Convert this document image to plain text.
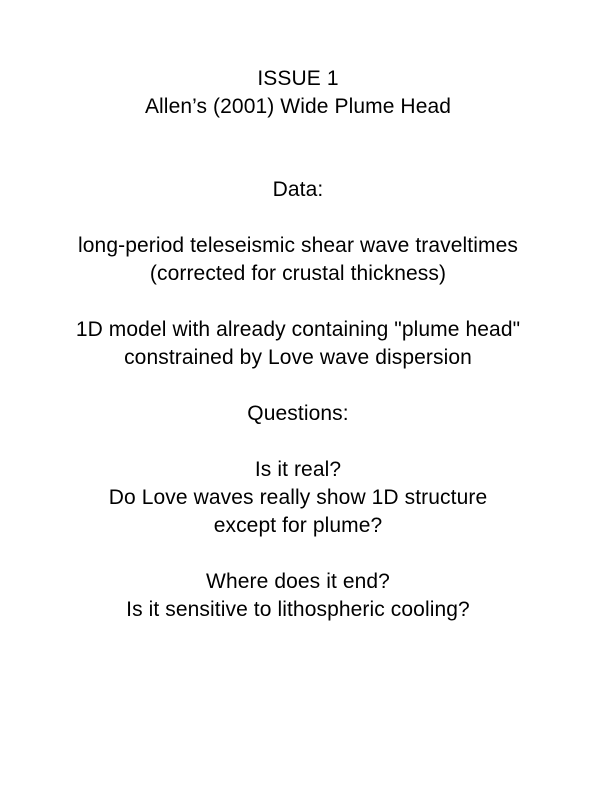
ISSUE 1
Allen’s (2001) Wide Plume Head
Data:
long-period teleseismic shear wave traveltimes
(corrected for crustal thickness)
1D model with already containing "plume head"
constrained by Love wave dispersion
Questions:
Is it real?
Do Love waves really show 1D structure
except for plume?
Where does it end?
Is it sensitive to lithospheric cooling?
